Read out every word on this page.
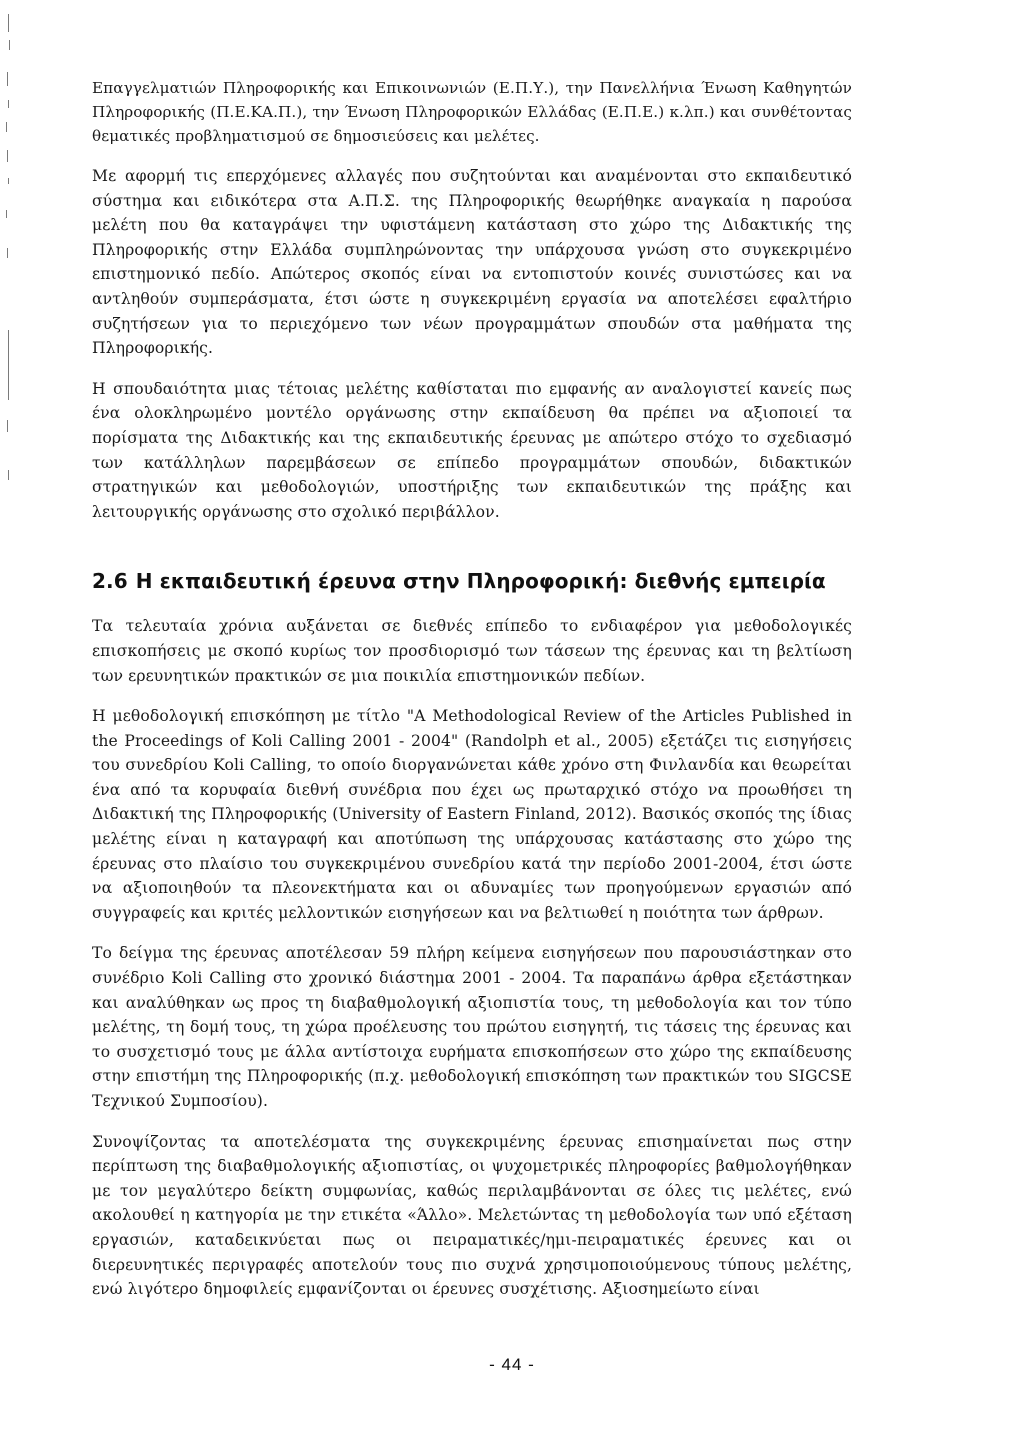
Επαγγελματιών Πληροφορικής και Επικοινωνιών (Ε.Π.Υ.), την Πανελλήνια Ένωση Καθηγητών Πληροφορικής (Π.Ε.ΚΑ.Π.), την Ένωση Πληροφορικών Ελλάδας (Ε.Π.Ε.) κ.λπ.) και συνθέτοντας θεματικές προβληματισμού σε δημοσιεύσεις και μελέτες.

Με αφορμή τις επερχόμενες αλλαγές που συζητούνται και αναμένονται στο εκπαιδευτικό σύστημα και ειδικότερα στα Α.Π.Σ. της Πληροφορικής θεωρήθηκε αναγκαία η παρούσα μελέτη που θα καταγράψει την υφιστάμενη κατάσταση στο χώρο της Διδακτικής της Πληροφορικής στην Ελλάδα συμπληρώνοντας την υπάρχουσα γνώση στο συγκεκριμένο επιστημονικό πεδίο. Απώτερος σκοπός είναι να εντοπιστούν κοινές συνιστώσες και να αντληθούν συμπεράσματα, έτσι ώστε η συγκεκριμένη εργασία να αποτελέσει εφαλτήριο συζητήσεων για το περιεχόμενο των νέων προγραμμάτων σπουδών στα μαθήματα της Πληροφορικής.

Η σπουδαιότητα μιας τέτοιας μελέτης καθίσταται πιο εμφανής αν αναλογιστεί κανείς πως ένα ολοκληρωμένο μοντέλο οργάνωσης στην εκπαίδευση θα πρέπει να αξιοποιεί τα πορίσματα της Διδακτικής και της εκπαιδευτικής έρευνας με απώτερο στόχο το σχεδιασμό των κατάλληλων παρεμβάσεων σε επίπεδο προγραμμάτων σπουδών, διδακτικών στρατηγικών και μεθοδολογιών, υποστήριξης των εκπαιδευτικών της πράξης και λειτουργικής οργάνωσης στο σχολικό περιβάλλον.

2.6 Η εκπαιδευτική έρευνα στην Πληροφορική: διεθνής εμπειρία

Τα τελευταία χρόνια αυξάνεται σε διεθνές επίπεδο το ενδιαφέρον για μεθοδολογικές επισκοπήσεις με σκοπό κυρίως τον προσδιορισμό των τάσεων της έρευνας και τη βελτίωση των ερευνητικών πρακτικών σε μια ποικιλία επιστημονικών πεδίων.

Η μεθοδολογική επισκόπηση με τίτλο "A Methodological Review of the Articles Published in the Proceedings of Koli Calling 2001 - 2004" (Randolph et al., 2005) εξετάζει τις εισηγήσεις του συνεδρίου Koli Calling, το οποίο διοργανώνεται κάθε χρόνο στη Φινλανδία και θεωρείται ένα από τα κορυφαία διεθνή συνέδρια που έχει ως πρωταρχικό στόχο να προωθήσει τη Διδακτική της Πληροφορικής (University of Eastern Finland, 2012). Βασικός σκοπός της ίδιας μελέτης είναι η καταγραφή και αποτύπωση της υπάρχουσας κατάστασης στο χώρο της έρευνας στο πλαίσιο του συγκεκριμένου συνεδρίου κατά την περίοδο 2001-2004, έτσι ώστε να αξιοποιηθούν τα πλεονεκτήματα και οι αδυναμίες των προηγούμενων εργασιών από συγγραφείς και κριτές μελλοντικών εισηγήσεων και να βελτιωθεί η ποιότητα των άρθρων.

Το δείγμα της έρευνας αποτέλεσαν 59 πλήρη κείμενα εισηγήσεων που παρουσιάστηκαν στο συνέδριο Koli Calling στο χρονικό διάστημα 2001 - 2004. Τα παραπάνω άρθρα εξετάστηκαν και αναλύθηκαν ως προς τη διαβαθμολογική αξιοπιστία τους, τη μεθοδολογία και τον τύπο μελέτης, τη δομή τους, τη χώρα προέλευσης του πρώτου εισηγητή, τις τάσεις της έρευνας και το συσχετισμό τους με άλλα αντίστοιχα ευρήματα επισκοπήσεων στο χώρο της εκπαίδευσης στην επιστήμη της Πληροφορικής (π.χ. μεθοδολογική επισκόπηση των πρακτικών του SIGCSE Τεχνικού Συμποσίου).

Συνοψίζοντας τα αποτελέσματα της συγκεκριμένης έρευνας επισημαίνεται πως στην περίπτωση της διαβαθμολογικής αξιοπιστίας, οι ψυχομετρικές πληροφορίες βαθμολογήθηκαν με τον μεγαλύτερο δείκτη συμφωνίας, καθώς περιλαμβάνονται σε όλες τις μελέτες, ενώ ακολουθεί η κατηγορία με την ετικέτα «Άλλο». Μελετώντας τη μεθοδολογία των υπό εξέταση εργασιών, καταδεικνύεται πως οι πειραματικές/ημι-πειραματικές έρευνες και οι διερευνητικές περιγραφές αποτελούν τους πιο συχνά χρησιμοποιούμενους τύπους μελέτης, ενώ λιγότερο δημοφιλείς εμφανίζονται οι έρευνες συσχέτισης. Αξιοσημείωτο είναι

- 44 -
